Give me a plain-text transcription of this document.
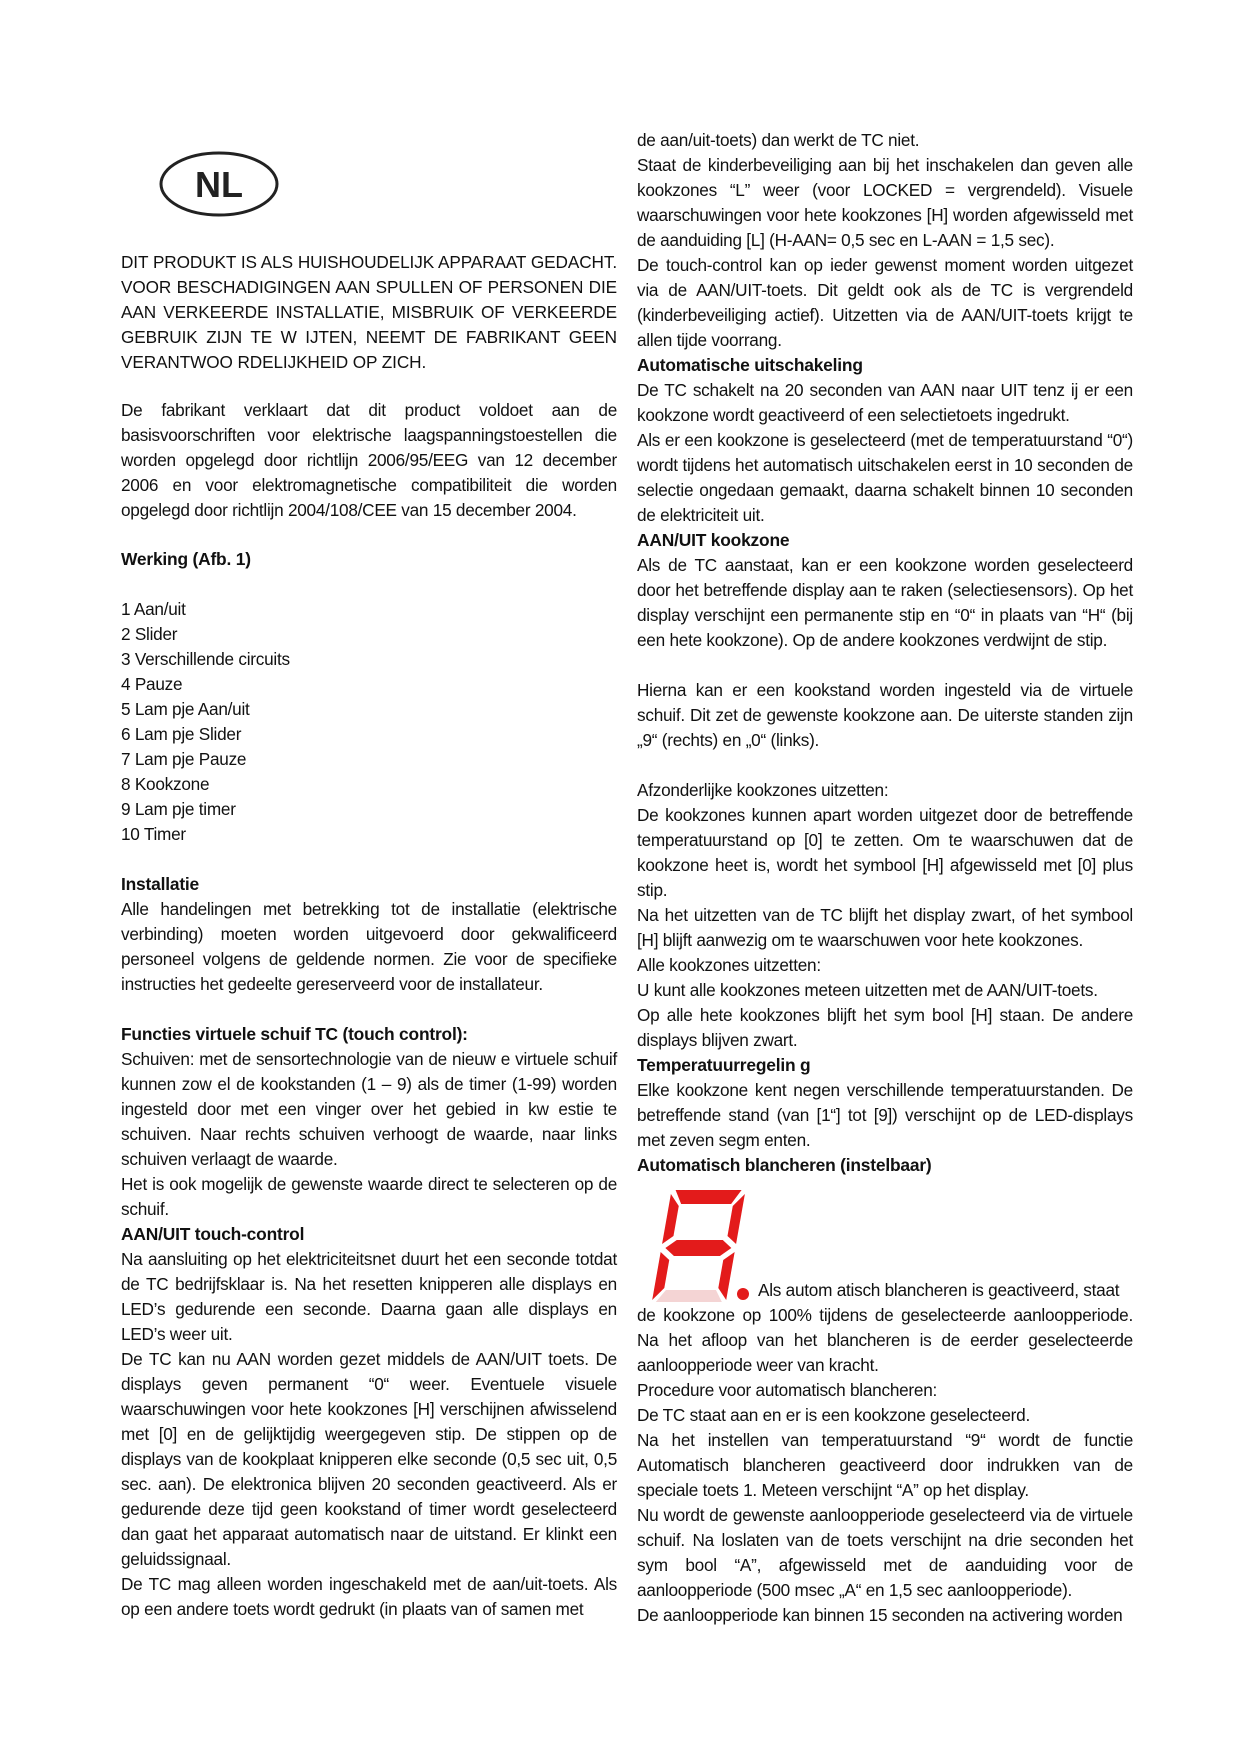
NL
DIT PRODUKT IS ALS HUISHOUDELIJK APPARAAT GEDACHT. VOOR BESCHADIGINGEN AAN SPULLEN OF PERSONEN DIE AAN VERKEERDE INSTALLATIE, MISBRUIK OF VERKEERDE GEBRUIK ZIJN TE W IJTEN, NEEMT DE FABRIKANT GEEN VERANTWOO RDELIJKHEID OP ZICH.
De fabrikant verklaart dat dit product voldoet aan de basisvoorschriften voor elektrische laagspanningstoestellen die worden opgelegd door richtlijn 2006/95/EEG van 12 december 2006 en voor elektromagnetische compatibiliteit die worden opgelegd door richtlijn 2004/108/CEE van 15 december 2004.
Werking (Afb. 1)
1 Aan/uit
2 Slider
3 Verschillende circuits
4 Pauze
5 Lam pje Aan/uit
6 Lam pje Slider
7 Lam pje Pauze
8 Kookzone
9 Lam pje timer
10 Timer
Installatie
Alle handelingen met betrekking tot de installatie (elektrische verbinding) moeten worden uitgevoerd door gekwalificeerd personeel volgens de geldende normen. Zie voor de specifieke instructies het gedeelte gereserveerd voor de installateur.
Functies virtuele schuif TC (touch control):
Schuiven: met de sensortechnologie van de nieuw e virtuele schuif kunnen zow el de kookstanden (1 – 9) als de timer (1-99) worden ingesteld door met een vinger over het gebied in kw estie te schuiven. Naar rechts schuiven verhoogt de waarde, naar links schuiven verlaagt de waarde.
Het is ook mogelijk de gewenste waarde direct te selecteren op de schuif.
AAN/UIT touch-control
Na aansluiting op het elektriciteitsnet duurt het een seconde totdat de TC bedrijfsklaar is. Na het resetten knipperen alle displays en LED’s gedurende een seconde. Daarna gaan alle displays en LED’s weer uit.
De TC kan nu AAN worden gezet middels de AAN/UIT toets. De displays geven permanent “0“ weer. Eventuele visuele waarschuwingen voor hete kookzones [H] verschijnen afwisselend met [0] en de gelijktijdig weergegeven stip. De stippen op de displays van de kookplaat knipperen elke seconde (0,5 sec uit, 0,5 sec. aan). De elektronica blijven 20 seconden geactiveerd. Als er gedurende deze tijd geen kookstand of timer wordt geselecteerd dan gaat het apparaat automatisch naar de uitstand. Er klinkt een geluidssignaal.
De TC mag alleen worden ingeschakeld met de aan/uit-toets. Als op een andere toets wordt gedrukt (in plaats van of samen met
de aan/uit-toets) dan werkt de TC niet.
Staat de kinderbeveiliging aan bij het inschakelen dan geven alle kookzones “L” weer (voor LOCKED = vergrendeld). Visuele waarschuwingen voor hete kookzones [H] worden afgewisseld met de aanduiding [L] (H-AAN= 0,5 sec en L-AAN = 1,5 sec).
De touch-control kan op ieder gewenst moment worden uitgezet via de AAN/UIT-toets. Dit geldt ook als de TC is vergrendeld (kinderbeveiliging actief). Uitzetten via de AAN/UIT-toets krijgt te allen tijde voorrang.
Automatische uitschakeling
De TC schakelt na 20 seconden van AAN naar UIT tenz ij er een kookzone wordt geactiveerd of een selectietoets ingedrukt.
Als er een kookzone is geselecteerd (met de temperatuurstand “0“) wordt tijdens het automatisch uitschakelen eerst in 10 seconden de selectie ongedaan gemaakt, daarna schakelt binnen 10 seconden de elektriciteit uit.
AAN/UIT kookzone
Als de TC aanstaat, kan er een kookzone worden geselecteerd door het betreffende display aan te raken (selectiesensors). Op het display verschijnt een permanente stip en “0“ in plaats van “H“ (bij een hete kookzone). Op de andere kookzones verdwijnt de stip.
Hierna kan er een kookstand worden ingesteld via de virtuele schuif. Dit zet de gewenste kookzone aan. De uiterste standen zijn „9“ (rechts) en „0“ (links).
Afzonderlijke kookzones uitzetten:
De kookzones kunnen apart worden uitgezet door de betreffende temperatuurstand op [0] te zetten. Om te waarschuwen dat de kookzone heet is, wordt het symbool [H] afgewisseld met [0] plus stip.
Na het uitzetten van de TC blijft het display zwart, of het symbool [H] blijft aanwezig om te waarschuwen voor hete kookzones.
Alle kookzones uitzetten:
U kunt alle kookzones meteen uitzetten met de AAN/UIT-toets.
Op alle hete kookzones blijft het sym bool [H] staan. De andere displays blijven zwart.
Temperatuurregelin g
Elke kookzone kent negen verschillende temperatuurstanden. De betreffende stand (van [1“] tot [9]) verschijnt op de LED-displays met zeven segm enten.
Automatisch blancheren (instelbaar)
Als autom atisch blancheren is geactiveerd, staat
de kookzone op 100% tijdens de geselecteerde aanloopperiode. Na het afloop van het blancheren is de eerder geselecteerde aanloopperiode weer van kracht.
Procedure voor automatisch blancheren:
De TC staat aan en er is een kookzone geselecteerd.
Na het instellen van temperatuurstand “9“ wordt de functie Automatisch blancheren geactiveerd door indrukken van de speciale toets 1. Meteen verschijnt “A” op het display.
Nu wordt de gewenste aanloopperiode geselecteerd via de virtuele schuif. Na loslaten van de toets verschijnt na drie seconden het sym bool “A”, afgewisseld met de aanduiding voor de aanloopperiode (500 msec „A“ en 1,5 sec aanloopperiode).
De aanloopperiode kan binnen 15 seconden na activering worden
